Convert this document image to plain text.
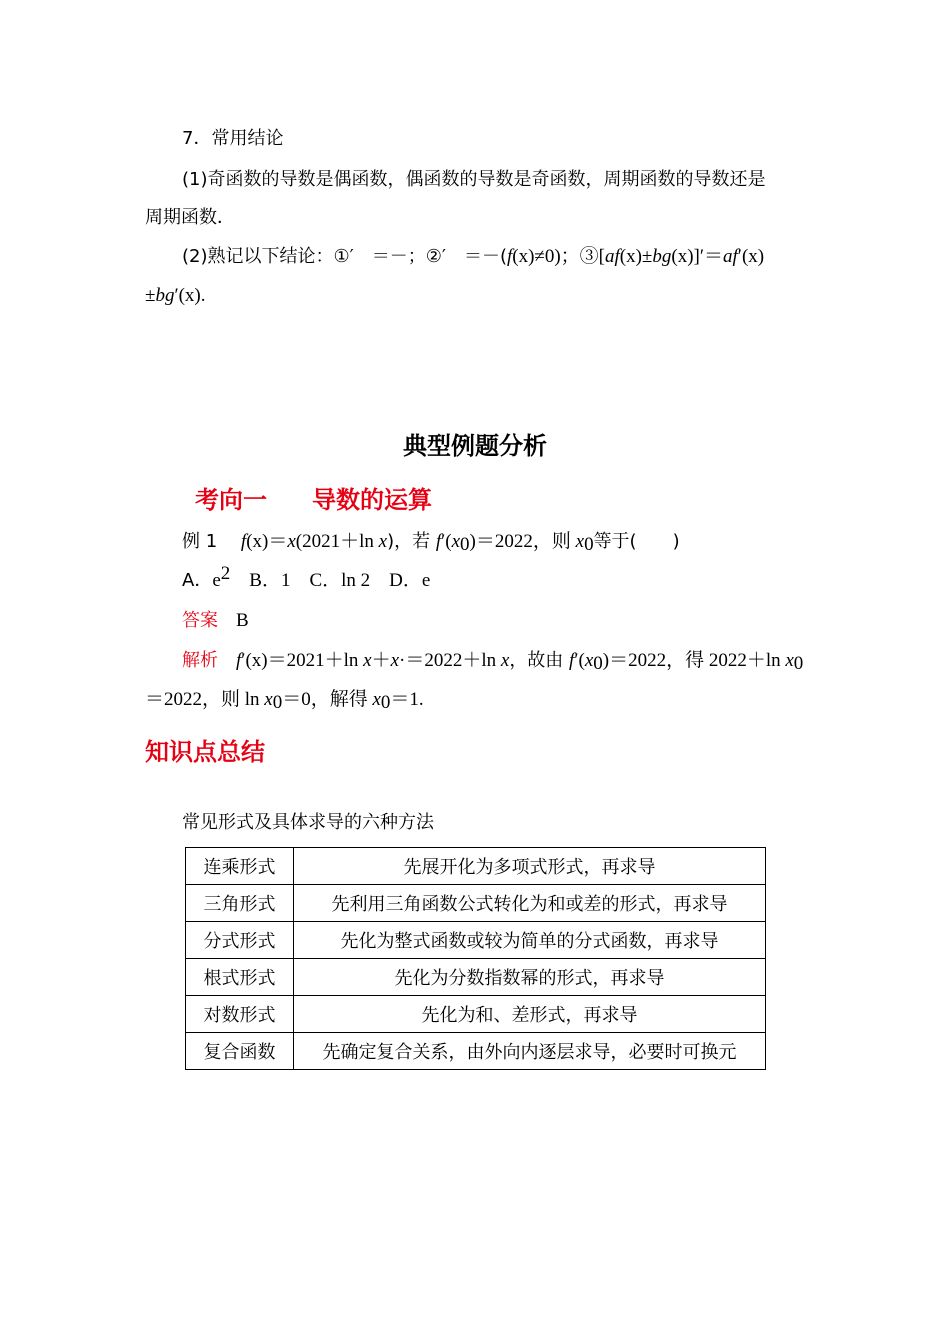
7．常用结论
(1)奇函数的导数是偶函数，偶函数的导数是奇函数，周期函数的导数还是
周期函数．
(2)熟记以下结论：①′　＝－；②′　＝－(f(x)≠0)；③[af(x)±bg(x)]′＝af′(x)
±bg′(x).
典型例题分析
考向一 导数的运算
例 1　 f(x)＝x(2021＋ln x)，若 $f'(x_0)=2022$，则 $x_0$等于(　　)
A．$e^2$　B．1　C．ln 2　D．e
答案　 B
解析　 f′(x)＝2021＋ln x＋x·＝2022＋ln x，故由 $f'(x_0)=2022$，得 2022＋ln $x_0$
＝2022，则 $\ln x_0=0$，解得 $x_0=1$.
知识点总结
常见形式及具体求导的六种方法
连乘形式	先展开化为多项式形式，再求导
三角形式	先利用三角函数公式转化为和或差的形式，再求导
分式形式	先化为整式函数或较为简单的分式函数，再求导
根式形式	先化为分数指数幂的形式，再求导
对数形式	先化为和、差形式，再求导
复合函数	先确定复合关系，由外向内逐层求导，必要时可换元
